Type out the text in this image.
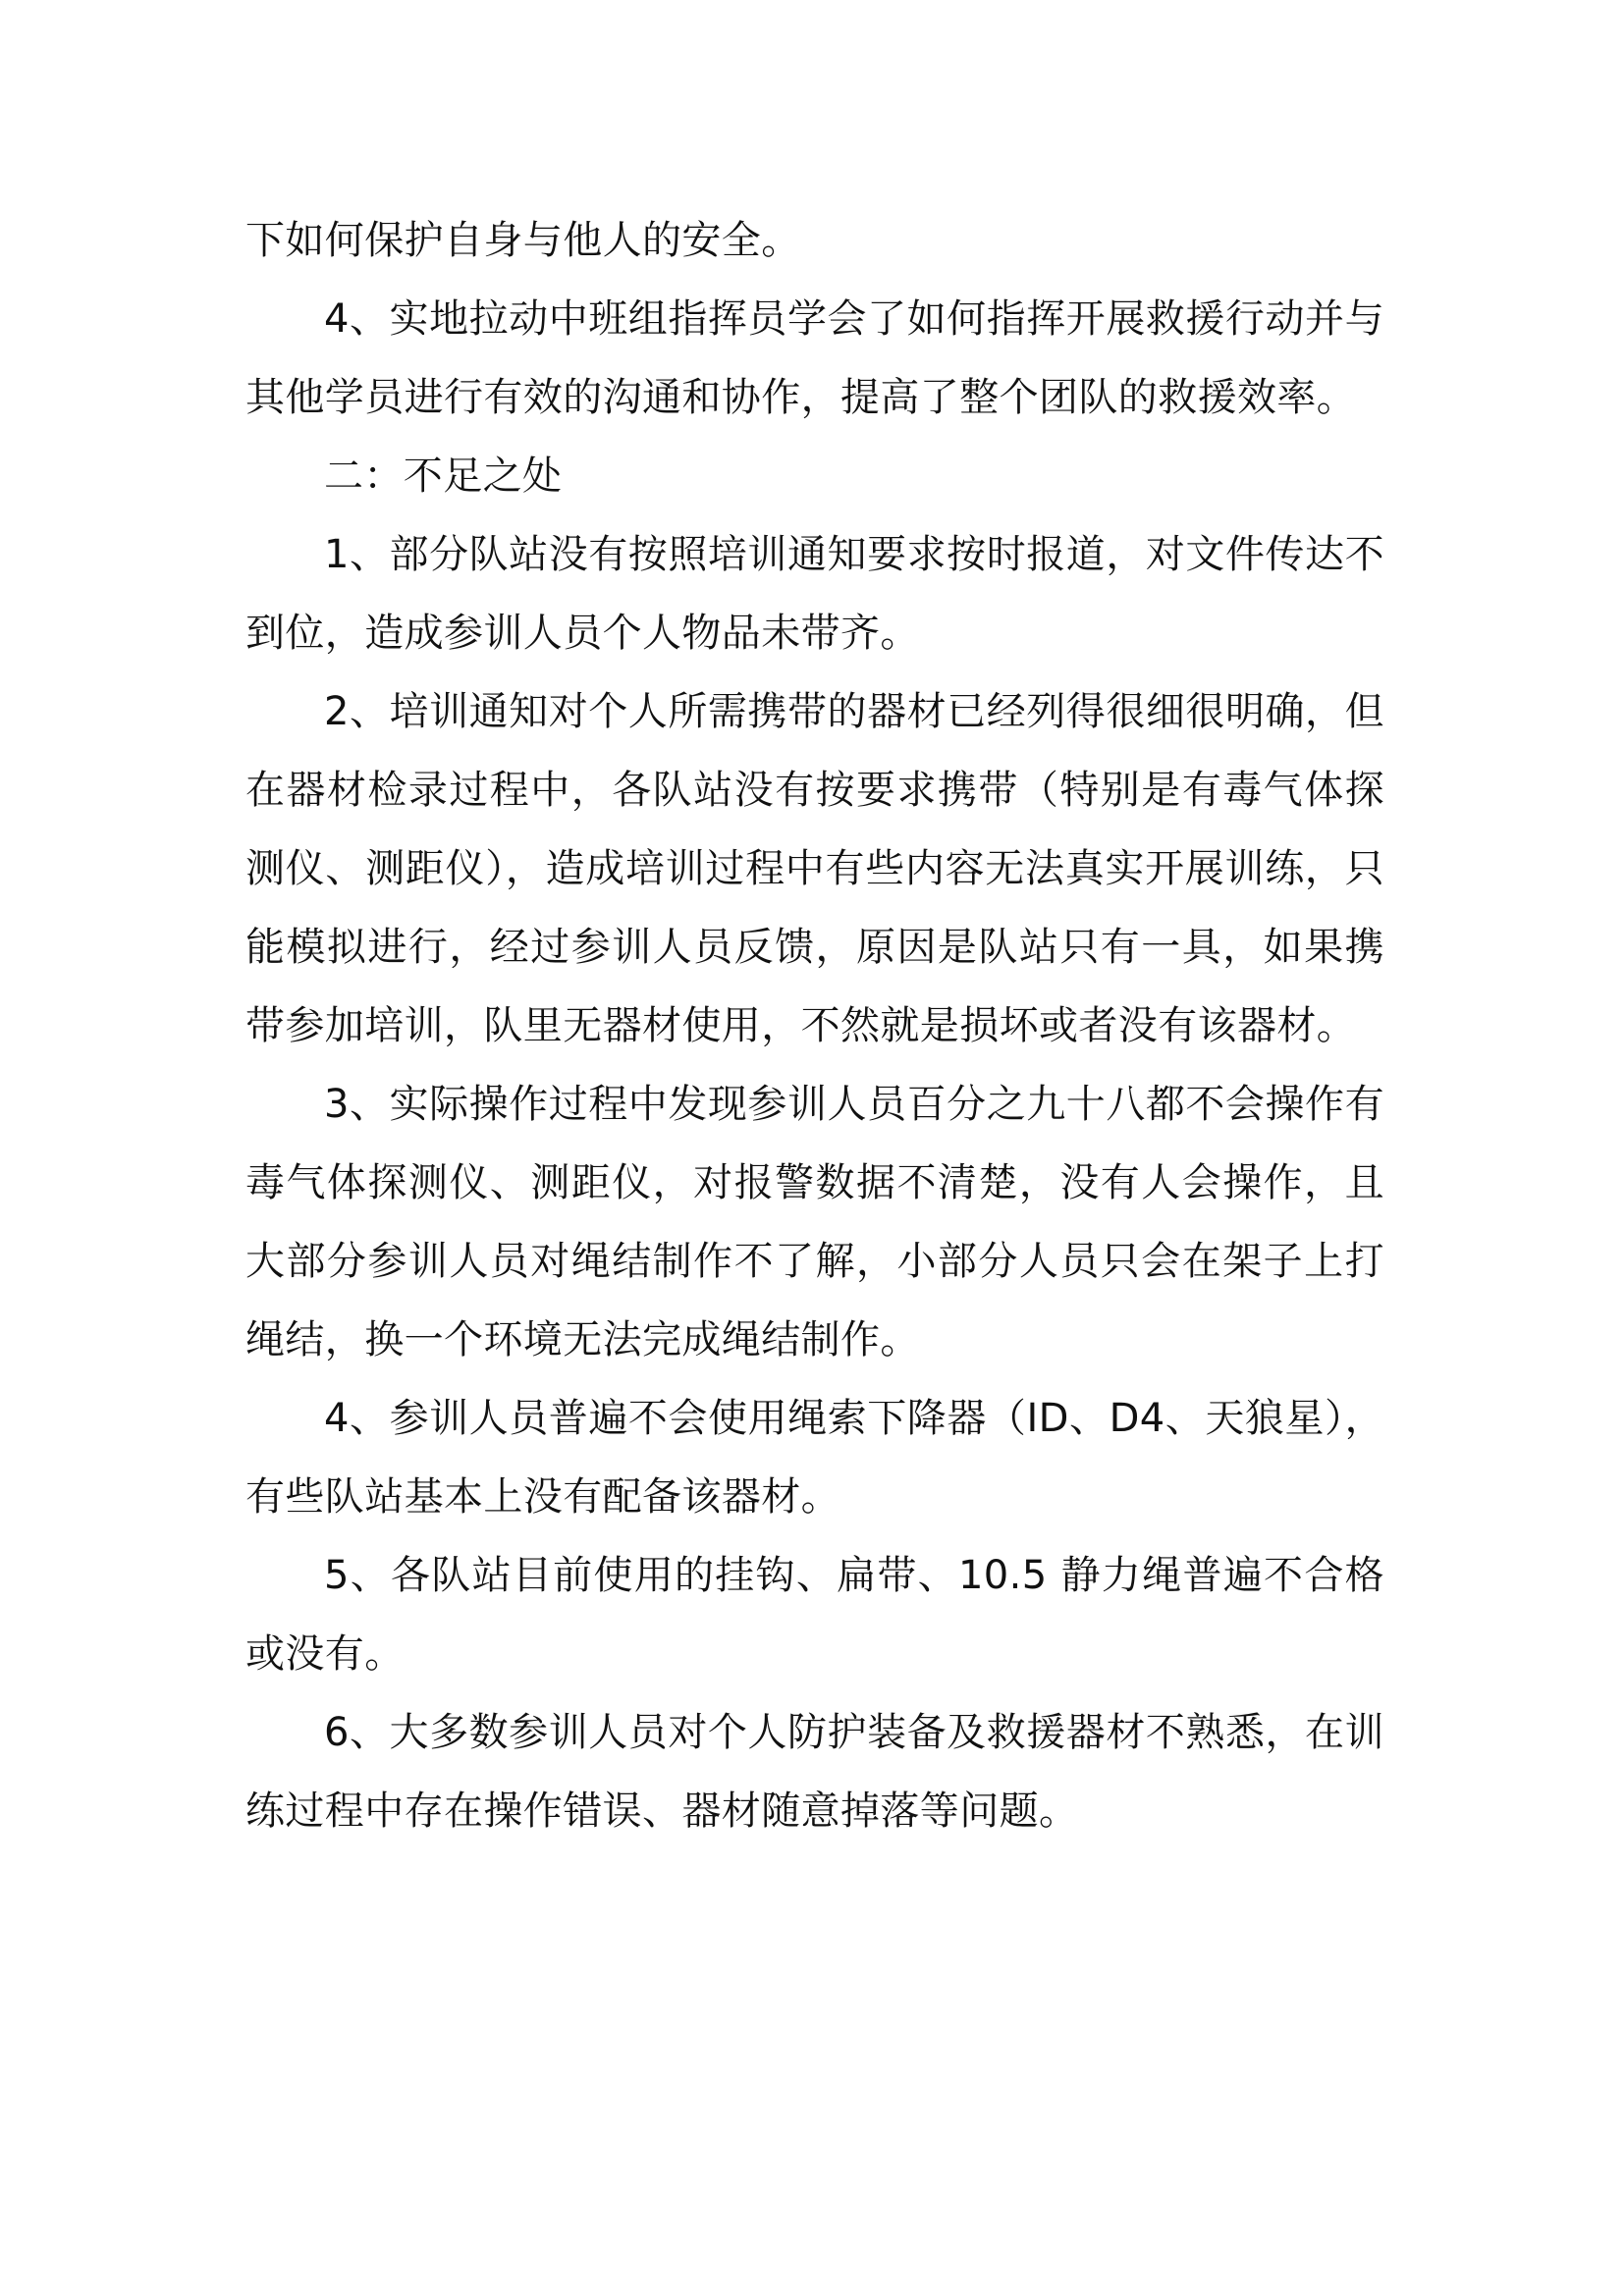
下如何保护自身与他人的安全。

4、实地拉动中班组指挥员学会了如何指挥开展救援行动并与其他学员进行有效的沟通和协作，提高了整个团队的救援效率。

二：不足之处

1、部分队站没有按照培训通知要求按时报道，对文件传达不到位，造成参训人员个人物品未带齐。

2、培训通知对个人所需携带的器材已经列得很细很明确，但在器材检录过程中，各队站没有按要求携带（特别是有毒气体探测仪、测距仪），造成培训过程中有些内容无法真实开展训练，只能模拟进行，经过参训人员反馈，原因是队站只有一具，如果携带参加培训，队里无器材使用，不然就是损坏或者没有该器材。

3、实际操作过程中发现参训人员百分之九十八都不会操作有毒气体探测仪、测距仪，对报警数据不清楚，没有人会操作，且大部分参训人员对绳结制作不了解，小部分人员只会在架子上打绳结，换一个环境无法完成绳结制作。

4、参训人员普遍不会使用绳索下降器（ID、D4、天狼星），有些队站基本上没有配备该器材。

5、各队站目前使用的挂钩、扁带、10.5 静力绳普遍不合格或没有。

6、大多数参训人员对个人防护装备及救援器材不熟悉，在训练过程中存在操作错误、器材随意掉落等问题。
